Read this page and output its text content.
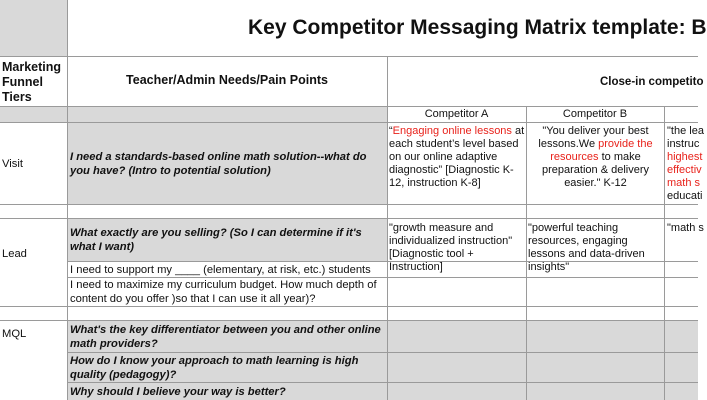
Key Competitor Messaging Matrix template: B
Marketing Funnel Tiers
Teacher/Admin Needs/Pain Points	Close-in competito
Competitor A	Competitor B
Visit
Lead
MQL
I need a standards-based online math solution--what do you have? (Intro to potential solution)
“Engaging online lessons at each student’s level based on our online adaptive diagnostic” [Diagnostic K-12, instruction K-8]
"You deliver your best lessons.We provide the resources to make preparation & delivery easier." K-12
"the lea
instruc
highest
effectiv
math s
educati
What exactly are you selling? (So I can determine if it's what I want)
"growth measure and individualized instruction" [Diagnostic tool + Instruction]
"powerful teaching resources, engaging lessons and data-driven insights"
"math s
I need to support my ____ (elementary, at risk, etc.) students
I need to maximize my curriculum budget. How much depth of content do you offer )so that I can use it all year)?
What's the key differentiator between you and other online math providers?
How do I know your approach to math learning is high quality (pedagogy)?
Why should I believe your way is better?
